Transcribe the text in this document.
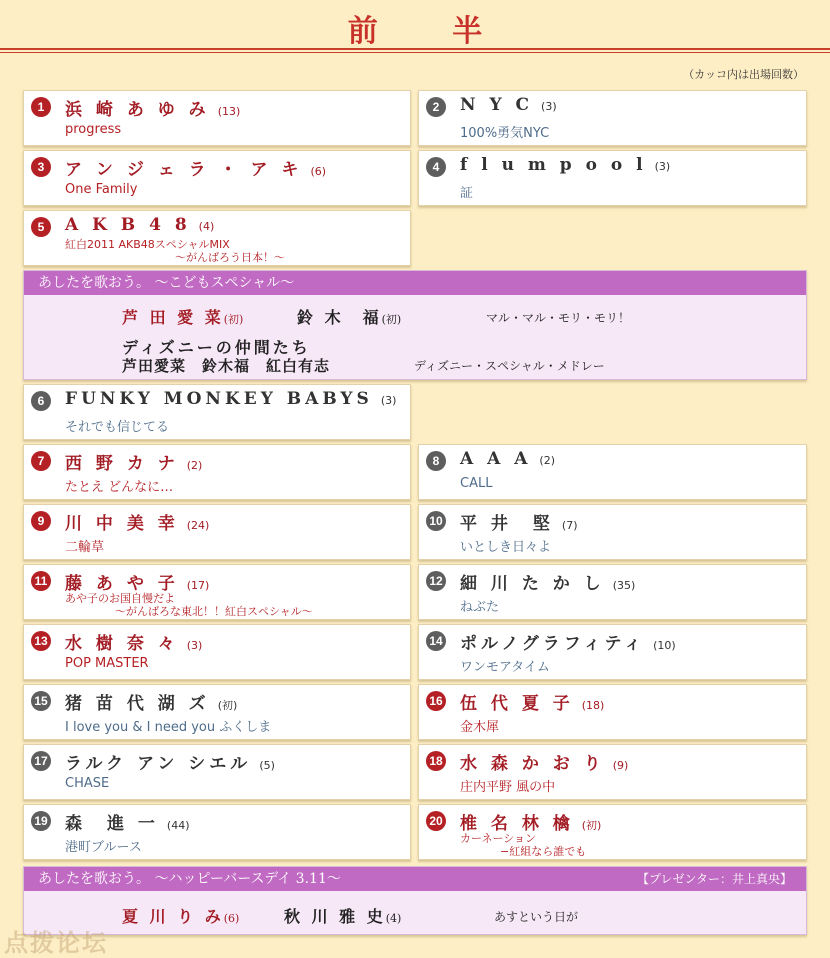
前 半
（カッコ内は出場回数）
1	浜 崎 あ ゆ み (13)
progress
2	N Y C (3)
100%勇気NYC
3	ア ン ジ ェ ラ ・ ア キ (6)
One Family
4	f l u m p o o l (3)
証
5	A K B 4 8 (4)
紅白2011 AKB48スペシャルMIX
〜がんばろう日本！〜
6	FUNKY MONKEY BABYS (3)
それでも信じてる
7	西 野 カ ナ (2)
たとえ どんなに…
8	A A A (2)
CALL
9	川 中 美 幸 (24)
二輪草
10 平 井　堅 (7)
いとしき日々よ
11 藤 あ や 子 (17)
あや子のお国自慢だよ
〜がんばろな東北！！紅白スペシャル〜
12 細 川 た か し (35)
ねぶた
13 水 樹 奈 々 (3)
POP MASTER
14 ポルノグラフィティ (10)
ワンモアタイム
15 猪 苗 代 湖 ズ (初)
I love you & I need you ふくしま
16 伍 代 夏 子 (18)
金木犀
17 ラルク アン シエル (5)
CHASE
18 水 森 か お り (9)
庄内平野 風の中
19 森　進 一 (44)
港町ブルース
20 椎 名 林 檎 (初)
カーネーション
−紅組なら誰でも
あしたを歌おう。 〜こどもスペシャル〜
芦 田 愛 菜(初)	鈴 木　福(初)	マル・マル・モリ・モリ！
ディズニーの仲間たち
芦田愛菜　鈴木福　紅白有志	ディズニー・スペシャル・メドレー
あしたを歌おう。 〜ハッピーバースデイ 3.11〜	【プレゼンター：井上真央】
夏 川 り み(6)	秋 川 雅 史(4)	あすという日が
点拨论坛
